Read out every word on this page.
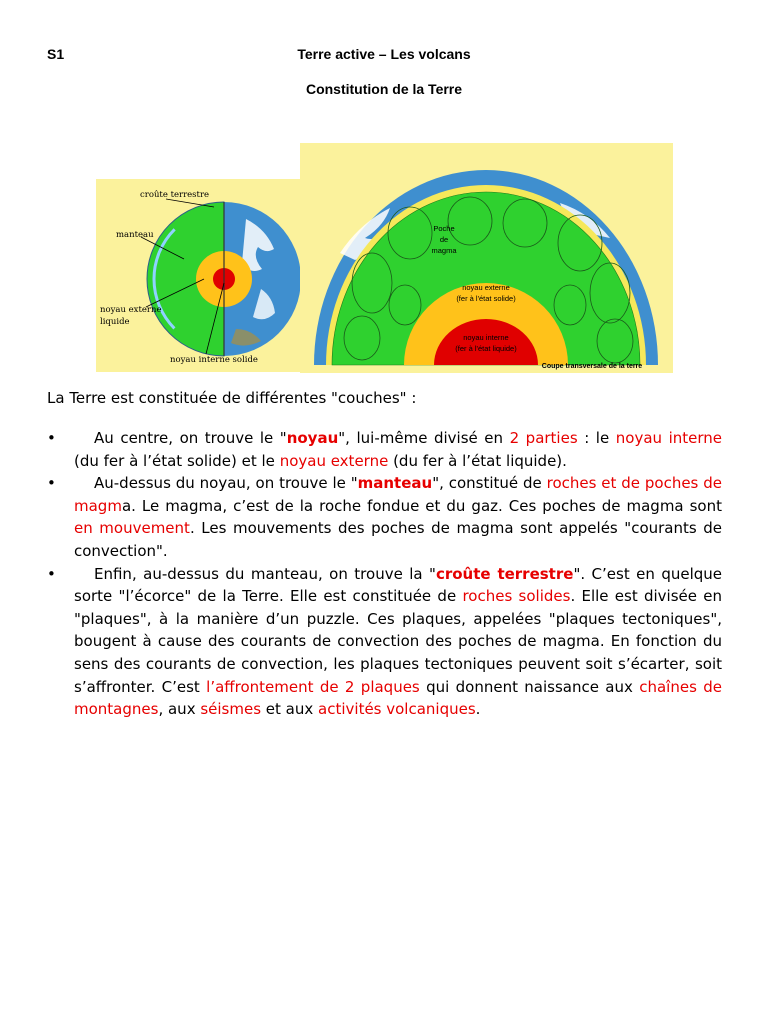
S1	Terre active – Les volcans
Constitution de la Terre
croûte terrestre
manteau
noyau externe
liquide
noyau interne solide
Poche
de
magma
noyau externe
(fer à l'état solide)
noyau interne
(fer à l'état liquide)
Coupe transversale de la terre
La Terre est constituée de différentes "couches" :
• Au centre, on trouve le "noyau", lui-même divisé en 2 parties : le noyau interne (du fer à l’état solide) et le noyau externe (du fer à l’état liquide).
• Au-dessus du noyau, on trouve le "manteau", constitué de roches et de poches de magma. Le magma, c’est de la roche fondue et du gaz. Ces poches de magma sont en mouvement. Les mouvements des poches de magma sont appelés "courants de convection".
• Enfin, au-dessus du manteau, on trouve la "croûte terrestre". C’est en quelque sorte "l’écorce" de la Terre. Elle est constituée de roches solides. Elle est divisée en "plaques", à la manière d’un puzzle. Ces plaques, appelées "plaques tectoniques", bougent à cause des courants de convection des poches de magma. En fonction du sens des courants de convection, les plaques tectoniques peuvent soit s’écarter, soit s’affronter. C’est l’affrontement de 2 plaques qui donnent naissance aux chaînes de montagnes, aux séismes et aux activités volcaniques.
